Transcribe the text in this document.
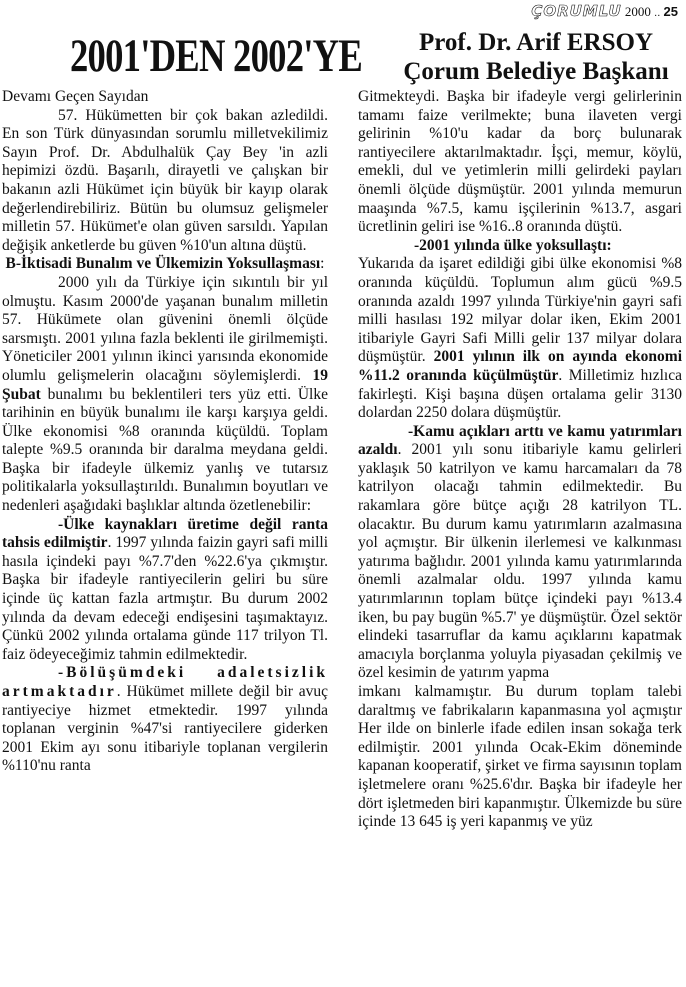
ÇORUMLU 2000 .. 25
2001'DEN 2002'YE	Prof. Dr. Arif ERSOY
Çorum Belediye Başkanı

Devamı Geçen Sayıdan

57. Hükümetten bir çok bakan azledildi. En son Türk dünyasından sorumlu milletvekilimiz Sayın Prof. Dr. Abdulhalük Çay Bey 'in azli hepimizi özdü. Başarılı, dirayetli ve çalışkan bir bakanın azli Hükümet için büyük bir kayıp olarak değerlendirebiliriz. Bütün bu olumsuz gelişmeler milletin 57. Hükümet'e olan güven sarsıldı. Yapılan değişik anketlerde bu güven %10'un altına düştü.

B-İktisadi Bunalım ve Ülkemizin Yoksullaşması:

2000 yılı da Türkiye için sıkıntılı bir yıl olmuştu. Kasım 2000'de yaşanan bunalım milletin 57. Hükümete olan güvenini önemli ölçüde sarsmıştı. 2001 yılına fazla beklenti ile girilmemişti. Yöneticiler 2001 yılının ikinci yarısında ekonomide olumlu gelişmelerin olacağını söylemişlerdi. 19 Şubat bunalımı bu beklentileri ters yüz etti. Ülke tarihinin en büyük bunalımı ile karşı karşıya geldi. Ülke ekonomisi %8 oranında küçüldü. Toplam talepte %9.5 oranında bir daralma meydana geldi. Başka bir ifadeyle ülkemiz yanlış ve tutarsız politikalarla yoksullaştırıldı. Bunalımın boyutları ve nedenleri aşağıdaki başlıklar altında özetlenebilir:

-Ülke kaynakları üretime değil ranta tahsis edilmiştir. 1997 yılında faizin gayri safi milli hasıla içindeki payı %7.7'den %22.6'ya çıkmıştır. Başka bir ifadeyle rantiyecilerin geliri bu süre içinde üç kattan fazla artmıştır. Bu durum 2002 yılında da devam edeceği endişesini taşımaktayız. Çünkü 2002 yılında ortalama günde 117 trilyon Tl. faiz ödeyeceğimiz tahmin edilmektedir.

-Bölüşümdeki adaletsizlik artmaktadır. Hükümet millete değil bir avuç rantiyeciye hizmet etmektedir. 1997 yılında toplanan verginin %47'si rantiyecilere giderken 2001 Ekim ayı sonu itibariyle toplanan vergilerin %110'nu ranta

Gitmekteydi. Başka bir ifadeyle vergi gelirlerinin tamamı faize verilmekte; buna ilaveten vergi gelirinin %10'u kadar da borç bulunarak rantiyecilere aktarılmaktadır. İşçi, memur, köylü, emekli, dul ve yetimlerin milli gelirdeki payları önemli ölçüde düşmüştür. 2001 yılında memurun maaşında %7.5, kamu işçilerinin %13.7, asgari ücretlinin geliri ise %16..8 oranında düştü.

-2001 yılında ülke yoksullaştı:

Yukarıda da işaret edildiği gibi ülke ekonomisi %8 oranında küçüldü. Toplumun alım gücü %9.5 oranında azaldı 1997 yılında Türkiye'nin gayri safi milli hasılası 192 milyar dolar iken, Ekim 2001 itibariyle Gayri Safi Milli gelir 137 milyar dolara düşmüştür. 2001 yılının ilk on ayında ekonomi %11.2 oranında küçülmüştür. Milletimiz hızlıca fakirleşti. Kişi başına düşen ortalama gelir 3130 dolardan 2250 dolara düşmüştür.

-Kamu açıkları arttı ve kamu yatırımları azaldı. 2001 yılı sonu itibariyle kamu gelirleri yaklaşık 50 katrilyon ve kamu harcamaları da 78 katrilyon olacağı tahmin edilmektedir. Bu rakamlara göre bütçe açığı 28 katrilyon TL. olacaktır. Bu durum kamu yatırımların azalmasına yol açmıştır. Bir ülkenin ilerlemesi ve kalkınması yatırıma bağlıdır. 2001 yılında kamu yatırımlarında önemli azalmalar oldu. 1997 yılında kamu yatırımlarının toplam bütçe içindeki payı %13.4 iken, bu pay bugün %5.7' ye düşmüştür. Özel sektör elindeki tasarruflar da kamu açıklarını kapatmak amacıyla borçlanma yoluyla piyasadan çekilmiş ve özel kesimin de yatırım yapma

imkanı kalmamıştır. Bu durum toplam talebi daraltmış ve fabrikaların kapanmasına yol açmıştır Her ilde on binlerle ifade edilen insan sokağa terk edilmiştir. 2001 yılında Ocak-Ekim döneminde kapanan kooperatif, şirket ve firma sayısının toplam işletmelere oranı %25.6'dır. Başka bir ifadeyle her dört işletmeden biri kapanmıştır. Ülkemizde bu süre içinde 13 645 iş yeri kapanmış ve yüz
